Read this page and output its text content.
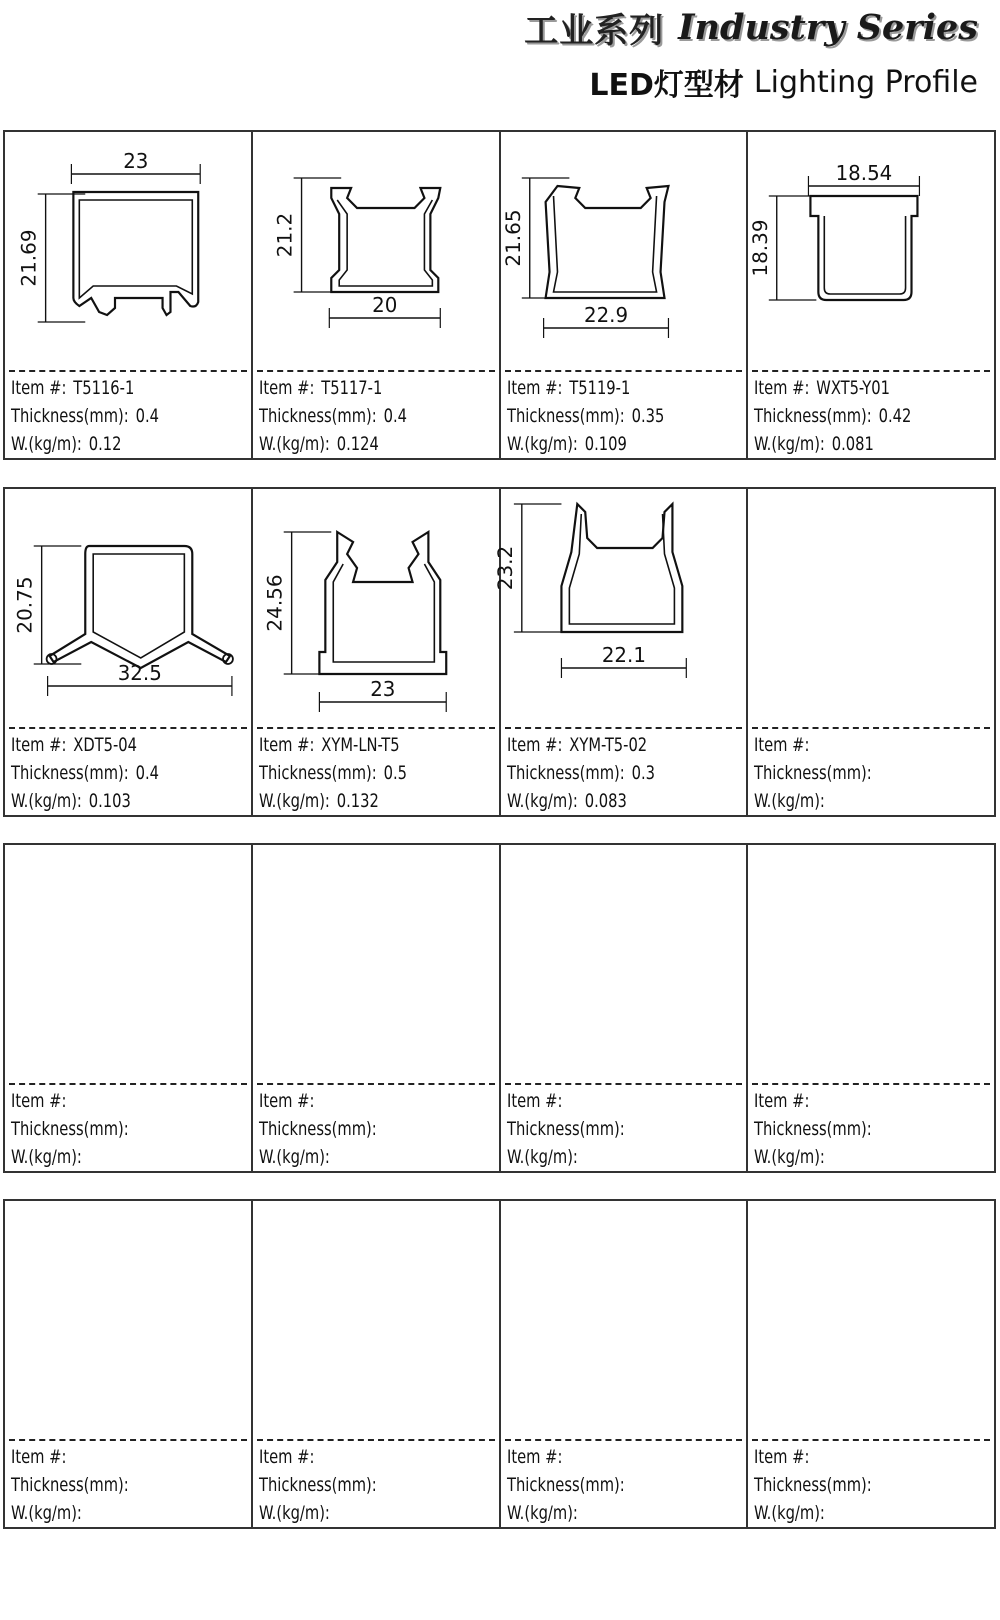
工业系列 Industry Series
LED灯型材 Lighting Profile
23
21.69
Item #: T5116-1
Thickness(mm): 0.4
W.(kg/m): 0.12
20
21.2
Item #: T5117-1
Thickness(mm): 0.4
W.(kg/m): 0.124
22.9
21.65
Item #: T5119-1
Thickness(mm): 0.35
W.(kg/m): 0.109
18.54
18.39
Item #: WXT5-Y01
Thickness(mm): 0.42
W.(kg/m): 0.081
32.5
20.75
Item #: XDT5-04
Thickness(mm): 0.4
W.(kg/m): 0.103
23
24.56
Item #: XYM-LN-T5
Thickness(mm): 0.5
W.(kg/m): 0.132
22.1
23.2
Item #: XYM-T5-02
Thickness(mm): 0.3
W.(kg/m): 0.083
Item #:
Thickness(mm):
W.(kg/m):
Item #:
Thickness(mm):
W.(kg/m):
Item #:
Thickness(mm):
W.(kg/m):
Item #:
Thickness(mm):
W.(kg/m):
Item #:
Thickness(mm):
W.(kg/m):
Item #:
Thickness(mm):
W.(kg/m):
Item #:
Thickness(mm):
W.(kg/m):
Item #:
Thickness(mm):
W.(kg/m):
Item #:
Thickness(mm):
W.(kg/m):
